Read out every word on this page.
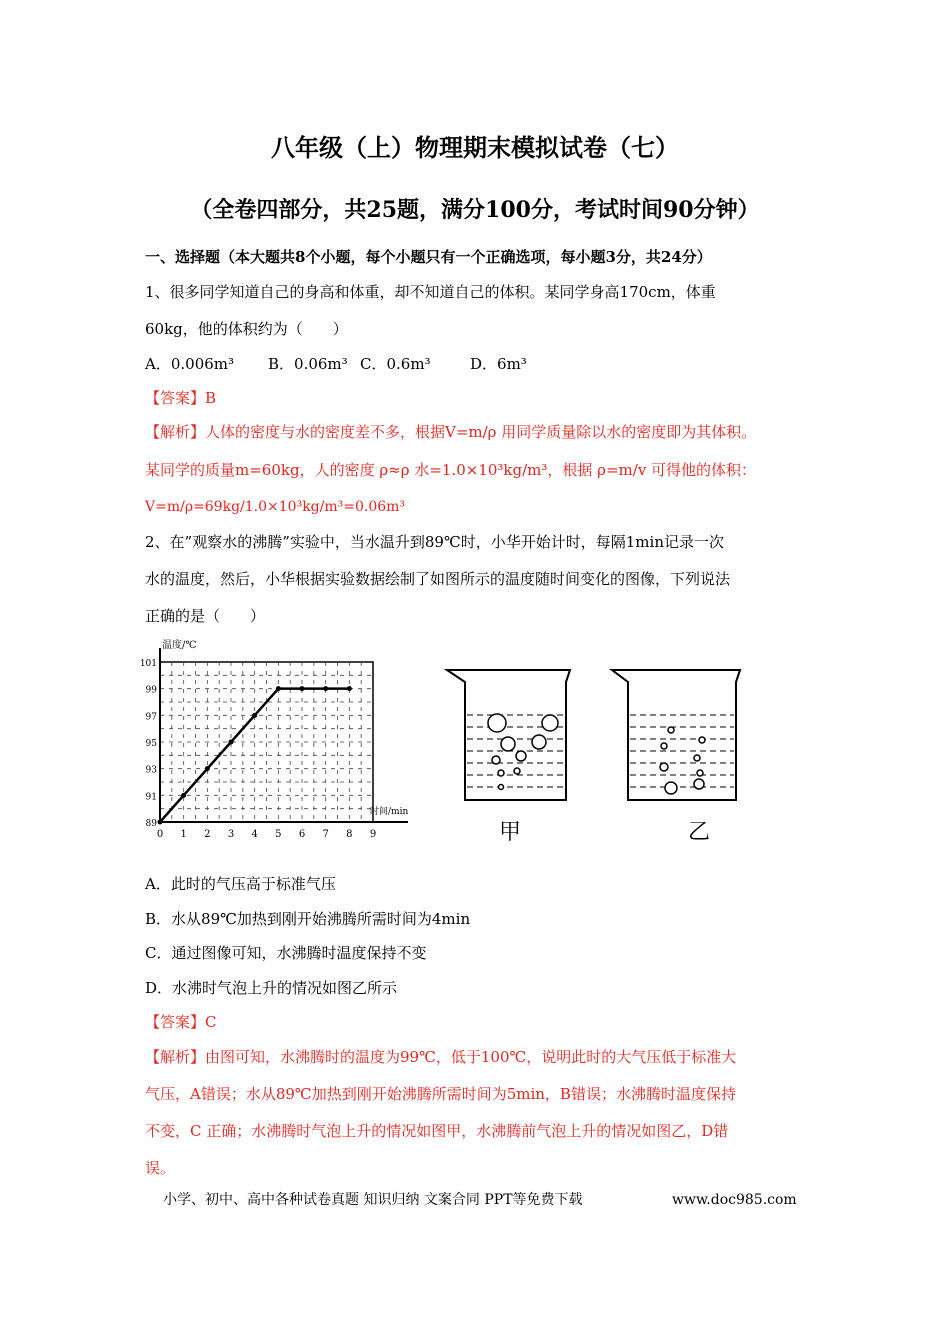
八年级（上）物理期末模拟试卷（七）
（全卷四部分，共25题，满分100分，考试时间90分钟）
一、选择题（本大题共8个小题，每个小题只有一个正确选项，每小题3分，共24分）
1、很多同学知道自己的身高和体重，却不知道自己的体积。某同学身高170cm，体重
60kg，他的体积约为（　　）
A．0.006m³ B．0.06m³ C．0.6m³	D．6m³
【答案】B
【解析】人体的密度与水的密度差不多，根据V=m/ρ 用同学质量除以水的密度即为其体积。
某同学的质量m=60kg，人的密度 ρ≈ρ 水=1.0×10³kg/m³，根据 ρ=m/v 可得他的体积：
V=m/ρ=69kg/1.0×10³kg/m³=0.06m³
2、在”观察水的沸腾”实验中，当水温升到89℃时，小华开始计时，每隔1min记录一次
水的温度，然后，小华根据实验数据绘制了如图所示的温度随时间变化的图像，下列说法
正确的是（　　）
温度/℃
时间/min
0 1 2 3 4 5 6 7 8 9
89
91
93
95
97
99
101
甲	乙
A．此时的气压高于标准气压
B．水从89℃加热到刚开始沸腾所需时间为4min
C．通过图像可知，水沸腾时温度保持不变
D．水沸时气泡上升的情况如图乙所示
【答案】C
【解析】由图可知，水沸腾时的温度为99℃，低于100℃，说明此时的大气压低于标准大
气压，A错误；水从89℃加热到刚开始沸腾所需时间为5min，B错误；水沸腾时温度保持
不变，C 正确；水沸腾时气泡上升的情况如图甲，水沸腾前气泡上升的情况如图乙，D错
误。
小学、初中、高中各种试卷真题 知识归纳 文案合同 PPT等免费下载	www.doc985.com
